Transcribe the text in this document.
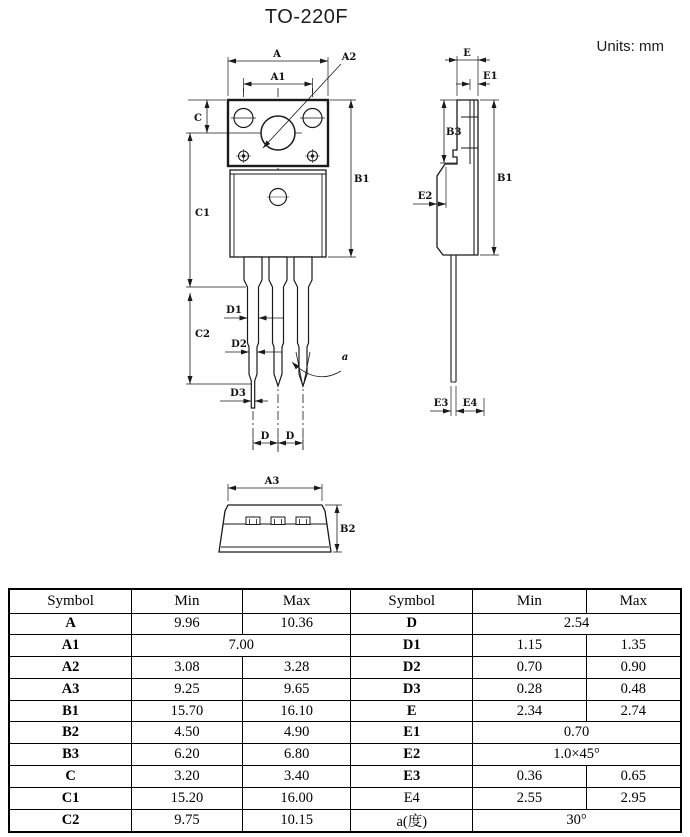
TO-220F
Units: mm
A
A1
A2
C
C1
C2
B1
D1
D2
D3
D D
a
E
E1
B3
B1
E2
E3 E4
A3
B2
Symbol	Min	Max	Symbol	Min	Max
A	9.96	10.36	D	2.54	
A1	7.00		D1	1.15	1.35
A2	3.08	3.28	D2	0.70	0.90
A3	9.25	9.65	D3	0.28	0.48
B1	15.70	16.10	E	2.34	2.74
B2	4.50	4.90	E1	0.70	
B3	6.20	6.80	E2	1.0×45°	
C	3.20	3.40	E3	0.36	0.65
C1	15.20	16.00	E4	2.55	2.95
C2	9.75	10.15	a(度)	30°	
